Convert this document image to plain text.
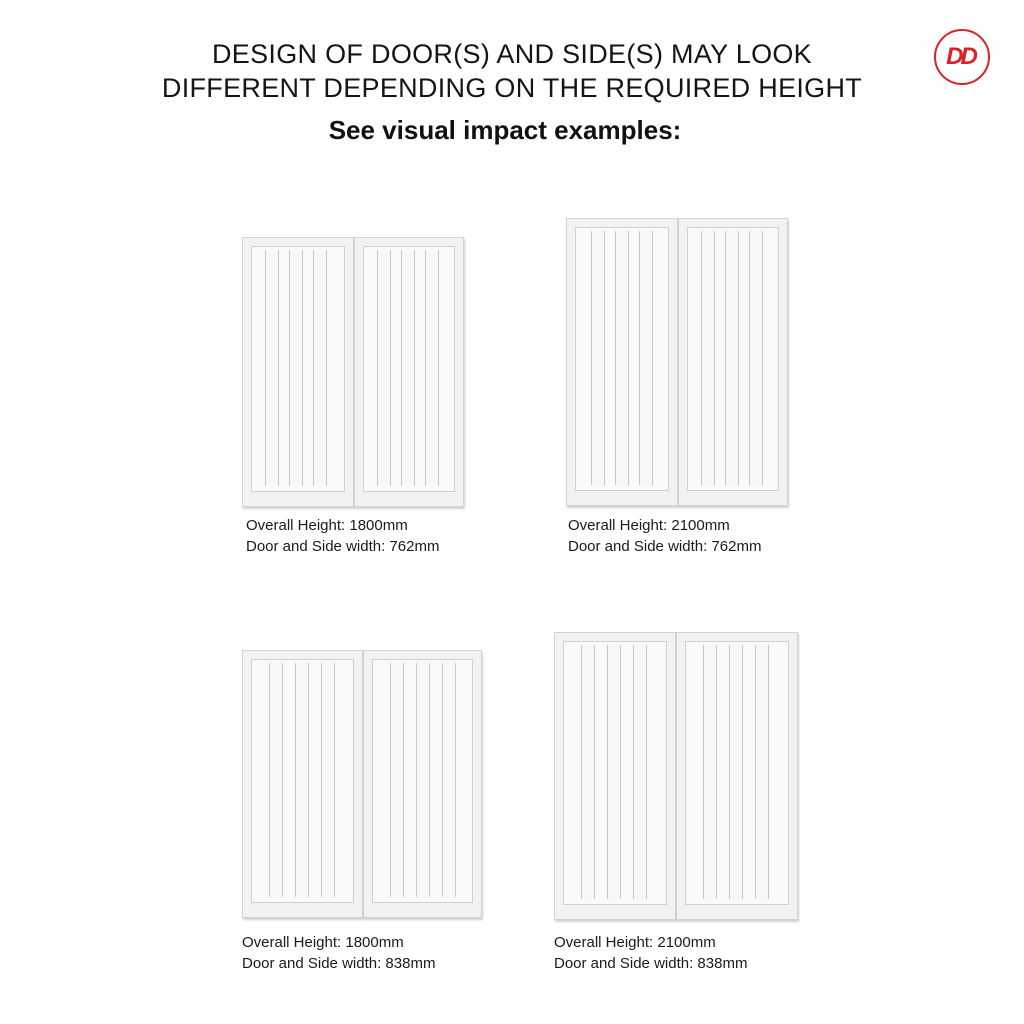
DESIGN OF DOOR(S) AND SIDE(S) MAY LOOK
DIFFERENT DEPENDING ON THE REQUIRED HEIGHT
See visual impact examples:
DD
Overall Height: 1800mm
Door and Side width: 762mm
Overall Height: 2100mm
Door and Side width: 762mm
Overall Height: 1800mm
Door and Side width: 838mm
Overall Height: 2100mm
Door and Side width: 838mm
